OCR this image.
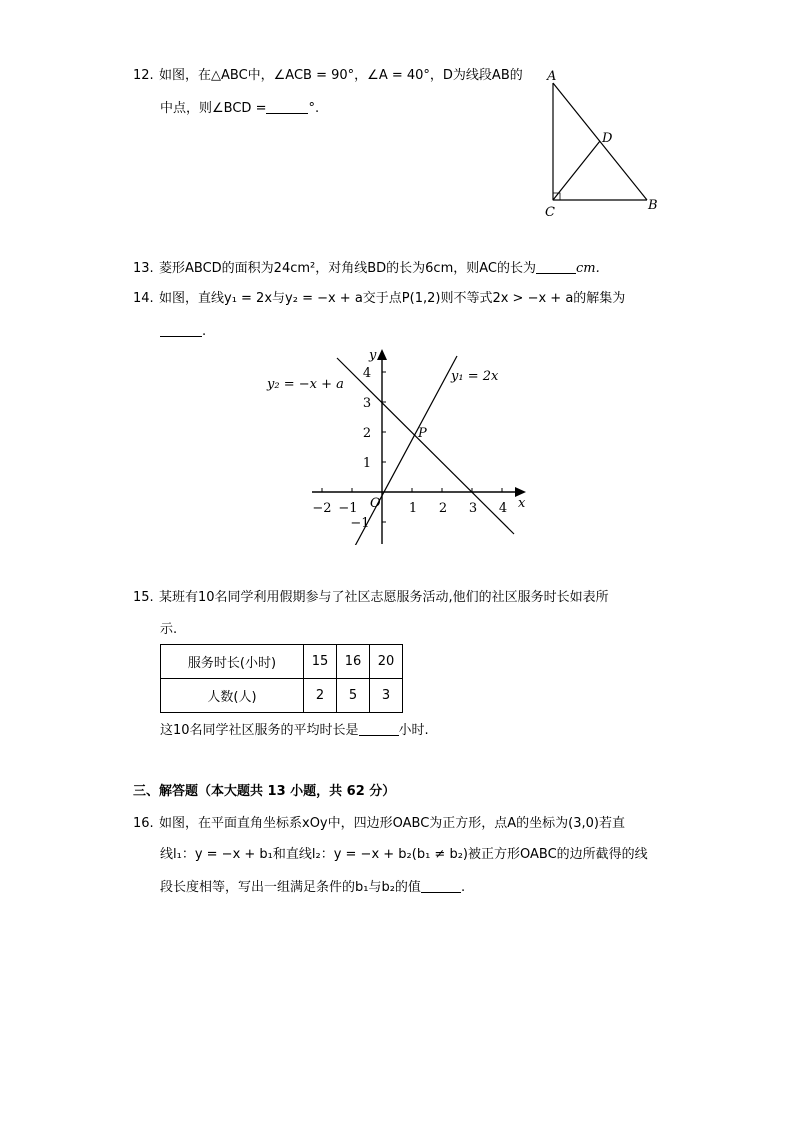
12. 如图，在△ABC中，∠ACB = 90°，∠A = 40°，D为线段AB的
中点，则∠BCD =	°.
A
D
C	B
13. 菱形ABCD的面积为24cm²，对角线BD的长为6cm，则AC的长为	cm.
14. 如图，直线y₁ = 2x与y₂ = −x + a交于点P(1,2)则不等式2x > −x + a的解集为
.
−2 −1	1 2 3 4
4
3
2
1
−1
x
y
O
P
y₁ = 2x
y₂ = −x + a
15. 某班有10名同学利用假期参与了社区志愿服务活动,他们的社区服务时长如表所
示.
服务时长(小时)	15	16	20
人数(人)	2	5	3
这10名同学社区服务的平均时长是	小时.
三、解答题（本大题共 13 小题，共 62 分）
16. 如图，在平面直角坐标系xOy中，四边形OABC为正方形，点A的坐标为(3,0)若直
线l₁：y = −x + b₁和直线l₂：y = −x + b₂(b₁ ≠ b₂)被正方形OABC的边所截得的线
段长度相等，写出一组满足条件的b₁与b₂的值	.
